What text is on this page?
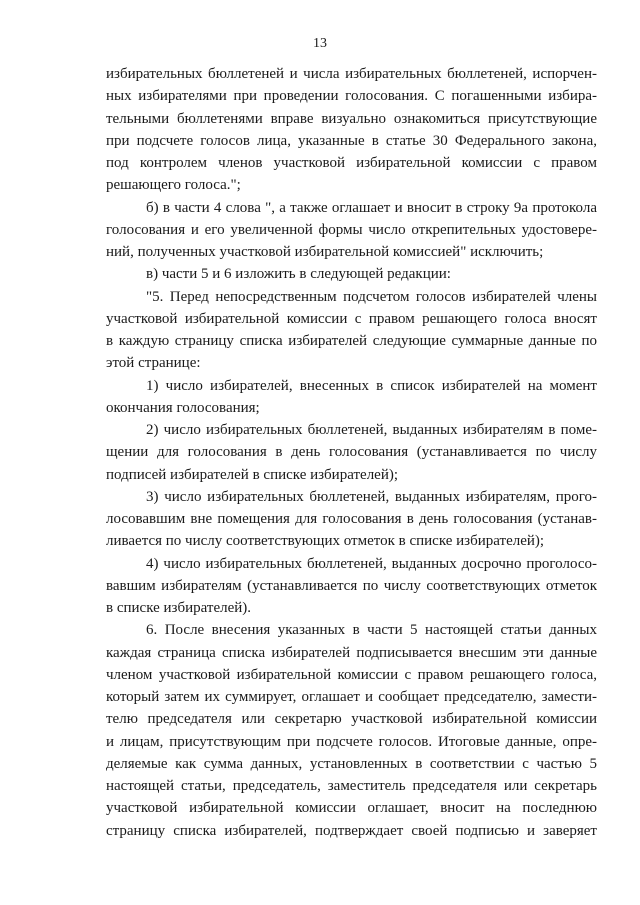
13
избирательных бюллетеней и числа избирательных бюллетеней, испорчен-
ных избирателями при проведении голосования. С погашенными избира-
тельными бюллетенями вправе визуально ознакомиться присутствующие
при подсчете голосов лица, указанные в статье 30 Федерального закона,
под контролем членов участковой избирательной комиссии с правом
решающего голоса.";
б) в части 4 слова ", а также оглашает и вносит в строку 9а протокола
голосования и его увеличенной формы число открепительных удостовере-
ний, полученных участковой избирательной комиссией" исключить;
в) части 5 и 6 изложить в следующей редакции:
"5. Перед непосредственным подсчетом голосов избирателей члены
участковой избирательной комиссии с правом решающего голоса вносят
в каждую страницу списка избирателей следующие суммарные данные по
этой странице:
1) число избирателей, внесенных в список избирателей на момент
окончания голосования;
2) число избирательных бюллетеней, выданных избирателям в поме-
щении для голосования в день голосования (устанавливается по числу
подписей избирателей в списке избирателей);
3) число избирательных бюллетеней, выданных избирателям, прого-
лосовавшим вне помещения для голосования в день голосования (устанав-
ливается по числу соответствующих отметок в списке избирателей);
4) число избирательных бюллетеней, выданных досрочно проголосо-
вавшим избирателям (устанавливается по числу соответствующих отметок
в списке избирателей).
6. После внесения указанных в части 5 настоящей статьи данных
каждая страница списка избирателей подписывается внесшим эти данные
членом участковой избирательной комиссии с правом решающего голоса,
который затем их суммирует, оглашает и сообщает председателю, замести-
телю председателя или секретарю участковой избирательной комиссии
и лицам, присутствующим при подсчете голосов. Итоговые данные, опре-
деляемые как сумма данных, установленных в соответствии с частью 5
настоящей статьи, председатель, заместитель председателя или секретарь
участковой избирательной комиссии оглашает, вносит на последнюю
страницу списка избирателей, подтверждает своей подписью и заверяет
